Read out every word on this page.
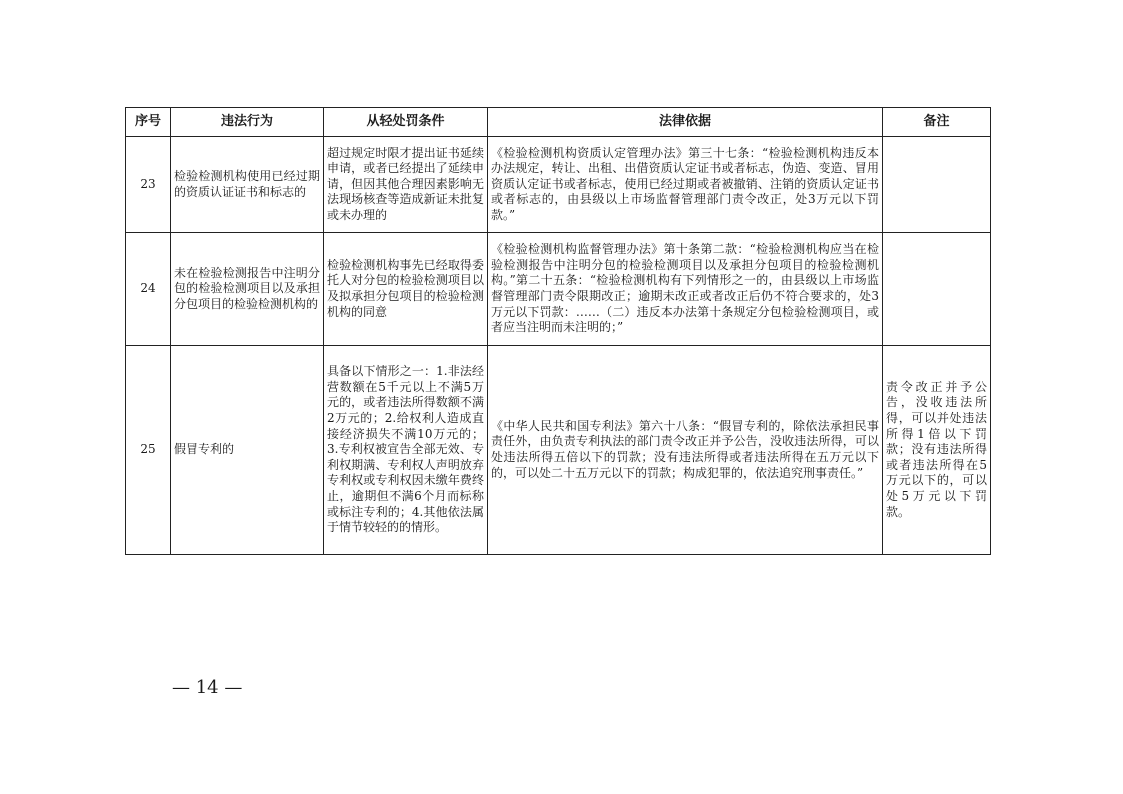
序号	违法行为	从轻处罚条件	法律依据	备注
23	检验检测机构使用已经过期的资质认证证书和标志的	超过规定时限才提出证书延续申请，或者已经提出了延续申请，但因其他合理因素影响无法现场核查等造成新证未批复或未办理的	《检验检测机构资质认定管理办法》第三十七条：“检验检测机构违反本办法规定，转让、出租、出借资质认定证书或者标志，伪造、变造、冒用资质认定证书或者标志，使用已经过期或者被撤销、注销的资质认定证书或者标志的，由县级以上市场监督管理部门责令改正，处3万元以下罚款。”	
24	未在检验检测报告中注明分包的检验检测项目以及承担分包项目的检验检测机构的	检验检测机构事先已经取得委托人对分包的检验检测项目以及拟承担分包项目的检验检测机构的同意	《检验检测机构监督管理办法》第十条第二款：“检验检测机构应当在检验检测报告中注明分包的检验检测项目以及承担分包项目的检验检测机构。”第二十五条：“检验检测机构有下列情形之一的，由县级以上市场监督管理部门责令限期改正；逾期未改正或者改正后仍不符合要求的，处3万元以下罚款：……（二）违反本办法第十条规定分包检验检测项目，或者应当注明而未注明的；”	
25	假冒专利的	具备以下情形之一：1.非法经营数额在5千元以上不满5万元的，或者违法所得数额不满2万元的；2.给权利人造成直接经济损失不满10万元的；3.专利权被宣告全部无效、专利权期满、专利权人声明放弃专利权或专利权因未缴年费终止，逾期但不满6个月而标称或标注专利的；4.其他依法属于情节较轻的的情形。	《中华人民共和国专利法》第六十八条：“假冒专利的，除依法承担民事责任外，由负责专利执法的部门责令改正并予公告，没收违法所得，可以处违法所得五倍以下的罚款；没有违法所得或者违法所得在五万元以下的，可以处二十五万元以下的罚款；构成犯罪的，依法追究刑事责任。”	责令改正并予公告，没收违法所得，可以并处违法所得1倍以下罚款；没有违法所得或者违法所得在5万元以下的，可以处5万元以下罚款。
— 14 —
